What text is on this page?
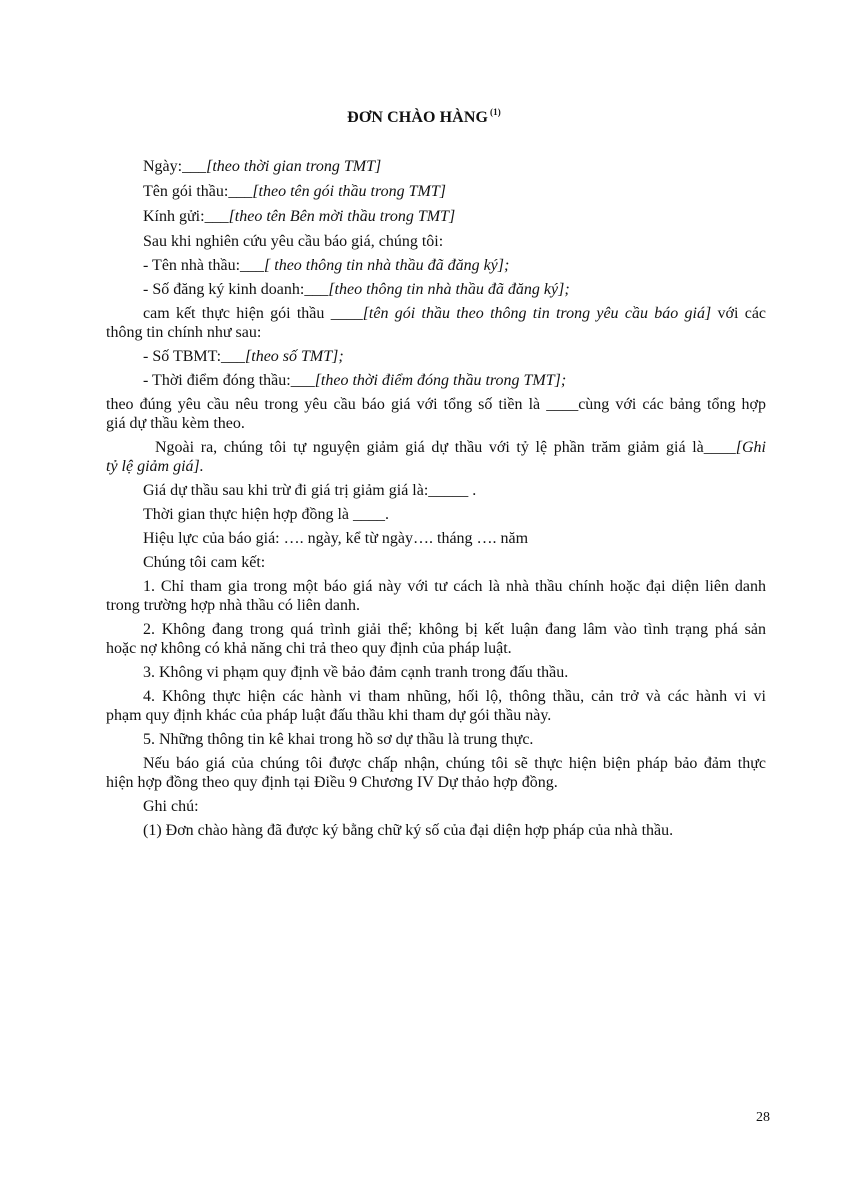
ĐƠN CHÀO HÀNG $^{(1)}$
Ngày:___[theo thời gian trong TMT]
Tên gói thầu:___[theo tên gói thầu trong TMT]
Kính gửi:___[theo tên Bên mời thầu trong TMT]
Sau khi nghiên cứu yêu cầu báo giá, chúng tôi:
- Tên nhà thầu:___[ theo thông tin nhà thầu đã đăng ký];
- Số đăng ký kinh doanh:___[theo thông tin nhà thầu đã đăng ký];
cam kết thực hiện gói thầu ____[tên gói thầu theo thông tin trong yêu cầu báo giá] với các
thông tin chính như sau:
- Số TBMT:___[theo số TMT];
- Thời điểm đóng thầu:___[theo thời điểm đóng thầu trong TMT];
theo đúng yêu cầu nêu trong yêu cầu báo giá với tổng số tiền là ____cùng với các bảng tổng hợp
giá dự thầu kèm theo.
Ngoài ra, chúng tôi tự nguyện giảm giá dự thầu với tỷ lệ phần trăm giảm giá là____[Ghi
tỷ lệ giảm giá].
Giá dự thầu sau khi trừ đi giá trị giảm giá là:_____ .
Thời gian thực hiện hợp đồng là ____.
Hiệu lực của báo giá: …. ngày, kể từ ngày…. tháng …. năm
Chúng tôi cam kết:
1. Chỉ tham gia trong một báo giá này với tư cách là nhà thầu chính hoặc đại diện liên danh
trong trường hợp nhà thầu có liên danh.
2. Không đang trong quá trình giải thể; không bị kết luận đang lâm vào tình trạng phá sản
hoặc nợ không có khả năng chi trả theo quy định của pháp luật.
3. Không vi phạm quy định về bảo đảm cạnh tranh trong đấu thầu.
4. Không thực hiện các hành vi tham nhũng, hối lộ, thông thầu, cản trở và các hành vi vi
phạm quy định khác của pháp luật đấu thầu khi tham dự gói thầu này.
5. Những thông tin kê khai trong hồ sơ dự thầu là trung thực.
Nếu báo giá của chúng tôi được chấp nhận, chúng tôi sẽ thực hiện biện pháp bảo đảm thực
hiện hợp đồng theo quy định tại Điều 9 Chương IV Dự thảo hợp đồng.
Ghi chú:
(1) Đơn chào hàng đã được ký bằng chữ ký số của đại diện hợp pháp của nhà thầu.
28
